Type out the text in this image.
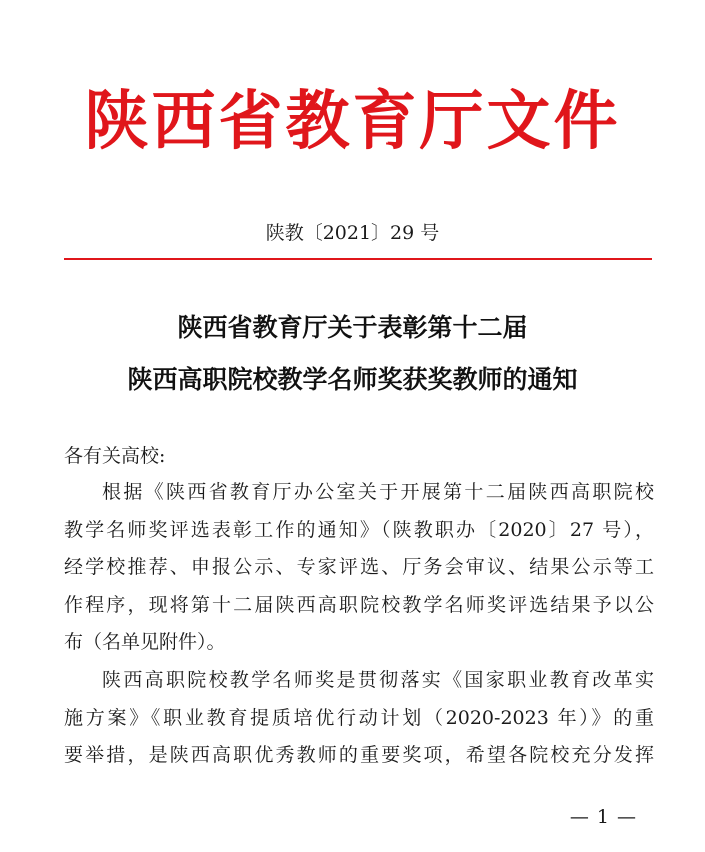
陕西省教育厅文件
陕教〔2021〕29 号
陕西省教育厅关于表彰第十二届
陕西高职院校教学名师奖获奖教师的通知
各有关高校:
根据《陕西省教育厅办公室关于开展第十二届陕西高职院校
教学名师奖评选表彰工作的通知》（陕教职办〔2020〕27 号），
经学校推荐、申报公示、专家评选、厅务会审议、结果公示等工
作程序，现将第十二届陕西高职院校教学名师奖评选结果予以公
布（名单见附件）。
陕西高职院校教学名师奖是贯彻落实《国家职业教育改革实
施方案》《职业教育提质培优行动计划（2020-2023 年）》的重
要举措，是陕西高职优秀教师的重要奖项，希望各院校充分发挥
— 1 —
